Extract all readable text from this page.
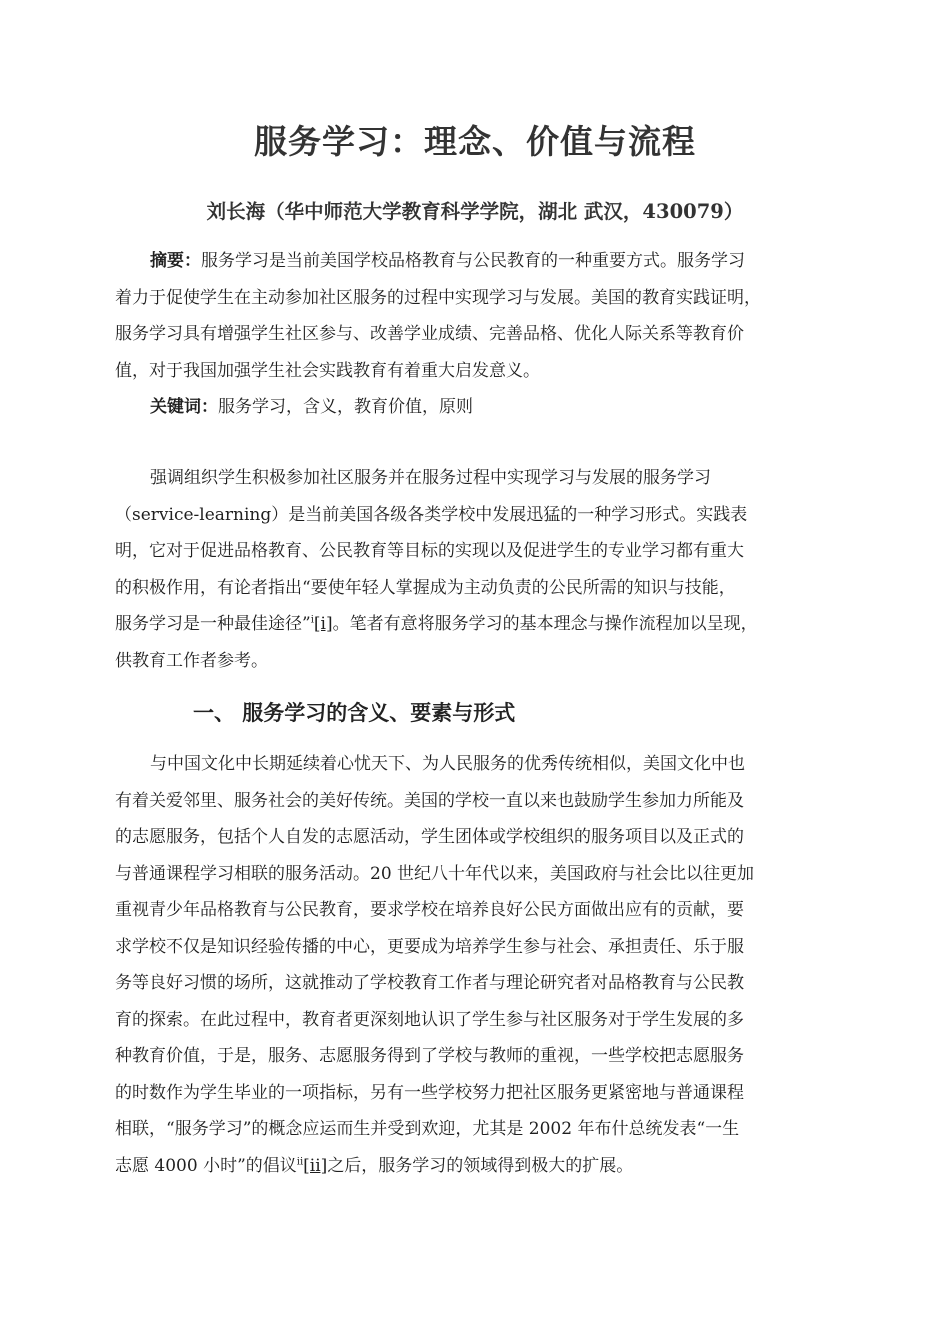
服务学习：理念、价值与流程
刘长海（华中师范大学教育科学学院，湖北 武汉，430079）
摘要：服务学习是当前美国学校品格教育与公民教育的一种重要方式。服务学习
着力于促使学生在主动参加社区服务的过程中实现学习与发展。美国的教育实践证明，
服务学习具有增强学生社区参与、改善学业成绩、完善品格、优化人际关系等教育价
值，对于我国加强学生社会实践教育有着重大启发意义。
关键词：服务学习，含义，教育价值，原则
强调组织学生积极参加社区服务并在服务过程中实现学习与发展的服务学习
（service-learning）是当前美国各级各类学校中发展迅猛的一种学习形式。实践表
明，它对于促进品格教育、公民教育等目标的实现以及促进学生的专业学习都有重大
的积极作用，有论者指出“要使年轻人掌握成为主动负责的公民所需的知识与技能，
服务学习是一种最佳途径”$^i$[i]。笔者有意将服务学习的基本理念与操作流程加以呈现，
供教育工作者参考。
一、 服务学习的含义、要素与形式
与中国文化中长期延续着心忧天下、为人民服务的优秀传统相似，美国文化中也
有着关爱邻里、服务社会的美好传统。美国的学校一直以来也鼓励学生参加力所能及
的志愿服务，包括个人自发的志愿活动，学生团体或学校组织的服务项目以及正式的
与普通课程学习相联的服务活动。20 世纪八十年代以来，美国政府与社会比以往更加
重视青少年品格教育与公民教育，要求学校在培养良好公民方面做出应有的贡献，要
求学校不仅是知识经验传播的中心，更要成为培养学生参与社会、承担责任、乐于服
务等良好习惯的场所，这就推动了学校教育工作者与理论研究者对品格教育与公民教
育的探索。在此过程中，教育者更深刻地认识了学生参与社区服务对于学生发展的多
种教育价值，于是，服务、志愿服务得到了学校与教师的重视，一些学校把志愿服务
的时数作为学生毕业的一项指标，另有一些学校努力把社区服务更紧密地与普通课程
相联，“服务学习”的概念应运而生并受到欢迎，尤其是 2002 年布什总统发表“一生
志愿 4000 小时”的倡议$^{ii}$[ii]之后，服务学习的领域得到极大的扩展。
